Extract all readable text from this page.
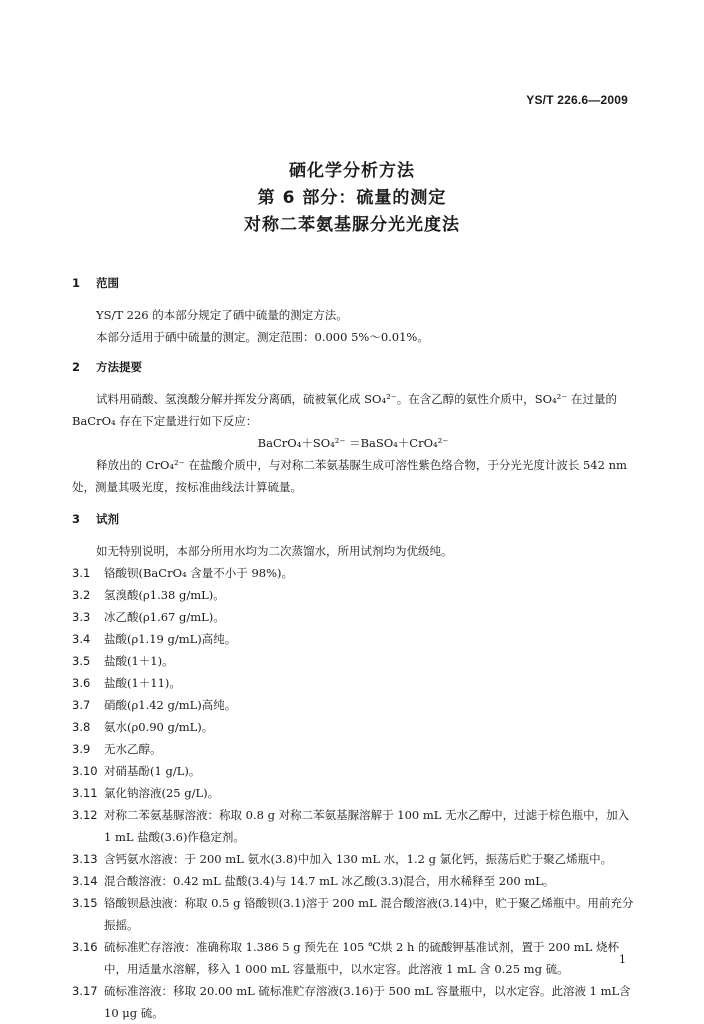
YS/T 226.6—2009
硒化学分析方法
第 6 部分：硫量的测定
对称二苯氨基脲分光光度法
1 范围
YS/T 226 的本部分规定了硒中硫量的测定方法。
本部分适用于硒中硫量的测定。测定范围：0.000 5%～0.01%。
2 方法提要
试料用硝酸、氢溴酸分解并挥发分离硒，硫被氧化成 SO₄²⁻。在含乙醇的氨性介质中，SO₄²⁻ 在过量的 BaCrO₄ 存在下定量进行如下反应：
BaCrO₄＋SO₄²⁻ ＝BaSO₄＋CrO₄²⁻
释放出的 CrO₄²⁻ 在盐酸介质中，与对称二苯氨基脲生成可溶性紫色络合物，于分光光度计波长 542 nm 处，测量其吸光度，按标准曲线法计算硫量。
3 试剂
如无特别说明，本部分所用水均为二次蒸馏水，所用试剂均为优级纯。
3.1	铬酸钡(BaCrO₄ 含量不小于 98%)。
3.2	氢溴酸(ρ1.38 g/mL)。
3.3	冰乙酸(ρ1.67 g/mL)。
3.4	盐酸(ρ1.19 g/mL)高纯。
3.5	盐酸(1＋1)。
3.6	盐酸(1＋11)。
3.7	硝酸(ρ1.42 g/mL)高纯。
3.8	氨水(ρ0.90 g/mL)。
3.9	无水乙醇。
3.10 对硝基酚(1 g/L)。
3.11 氯化钠溶液(25 g/L)。
3.12 对称二苯氨基脲溶液：称取 0.8 g 对称二苯氨基脲溶解于 100 mL 无水乙醇中，过滤于棕色瓶中，加入 1 mL 盐酸(3.6)作稳定剂。
3.13 含钙氨水溶液：于 200 mL 氨水(3.8)中加入 130 mL 水，1.2 g 氯化钙，振荡后贮于聚乙烯瓶中。
3.14 混合酸溶液：0.42 mL 盐酸(3.4)与 14.7 mL 冰乙酸(3.3)混合，用水稀释至 200 mL。
3.15 铬酸钡悬浊液：称取 0.5 g 铬酸钡(3.1)溶于 200 mL 混合酸溶液(3.14)中，贮于聚乙烯瓶中。用前充分振摇。
3.16 硫标准贮存溶液：准确称取 1.386 5 g 预先在 105 ℃烘 2 h 的硫酸钾基准试剂，置于 200 mL 烧杯中，用适量水溶解，移入 1 000 mL 容量瓶中，以水定容。此溶液 1 mL 含 0.25 mg 硫。
3.17 硫标准溶液：移取 20.00 mL 硫标准贮存溶液(3.16)于 500 mL 容量瓶中，以水定容。此溶液 1 mL含 10 μg 硫。
1
